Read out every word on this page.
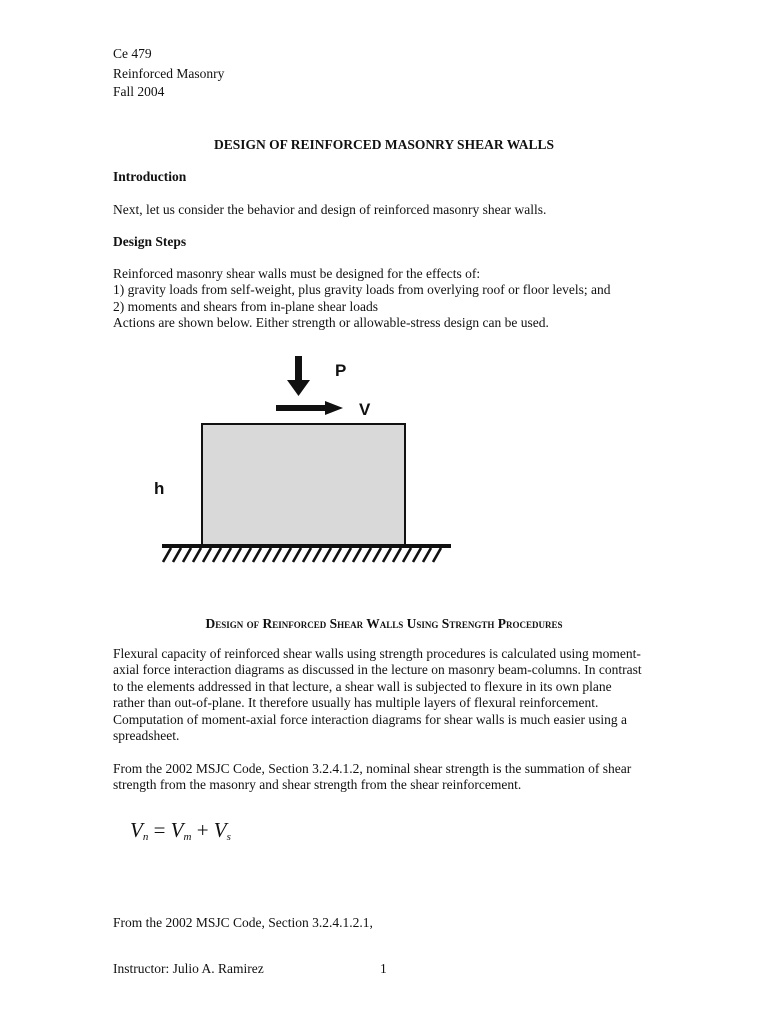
Ce 479
Reinforced Masonry
Fall 2004
DESIGN OF REINFORCED MASONRY SHEAR WALLS
Introduction
Next, let us consider the behavior and design of reinforced masonry shear walls.
Design Steps
Reinforced masonry shear walls must be designed for the effects of:
1) gravity loads from self-weight, plus gravity loads from overlying roof or floor levels; and
2) moments and shears from in-plane shear loads
Actions are shown below. Either strength or allowable-stress design can be used.
P
V
h
Design of Reinforced Shear Walls Using Strength Procedures
Flexural capacity of reinforced shear walls using strength procedures is calculated using moment-
axial force interaction diagrams as discussed in the lecture on masonry beam-columns. In contrast
to the elements addressed in that lecture, a shear wall is subjected to flexure in its own plane
rather than out-of-plane. It therefore usually has multiple layers of flexural reinforcement.
Computation of moment-axial force interaction diagrams for shear walls is much easier using a
spreadsheet.
From the 2002 MSJC Code, Section 3.2.4.1.2, nominal shear strength is the summation of shear
strength from the masonry and shear strength from the shear reinforcement.
$V_n = V_m + V_s$
From the 2002 MSJC Code, Section 3.2.4.1.2.1,
Instructor: Julio A. Ramirez	1
